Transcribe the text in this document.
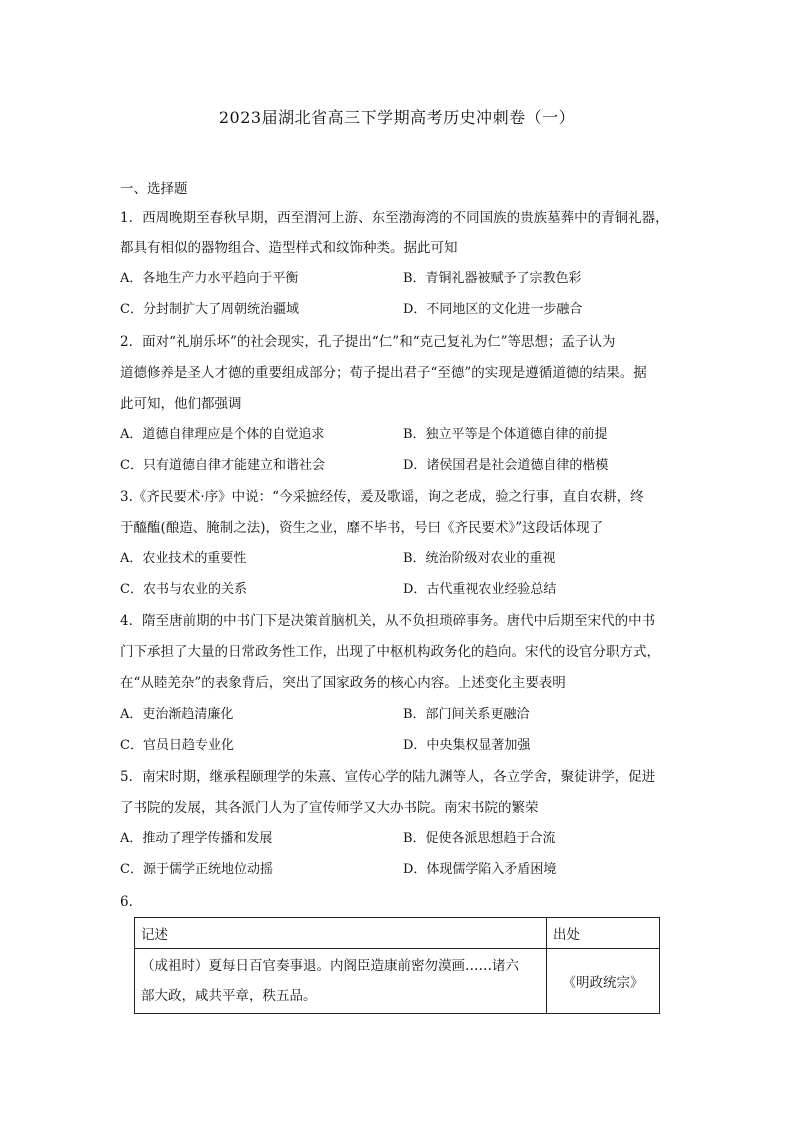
2023届湖北省高三下学期高考历史冲刺卷（一）
一、选择题
1．西周晚期至春秋早期，西至渭河上游、东至渤海湾的不同国族的贵族墓葬中的青铜礼器，
都具有相似的器物组合、造型样式和纹饰种类。据此可知
A．各地生产力水平趋向于平衡	B．青铜礼器被赋予了宗教色彩
C．分封制扩大了周朝统治疆域	D．不同地区的文化进一步融合
2．面对“礼崩乐坏”的社会现实，孔子提出“仁”和“克己复礼为仁”等思想；孟子认为
道德修养是圣人才德的重要组成部分；荀子提出君子“至德”的实现是遵循道德的结果。据
此可知，他们都强调
A．道德自律理应是个体的自觉追求	B．独立平等是个体道德自律的前提
C．只有道德自律才能建立和谐社会	D．诸侯国君是社会道德自律的楷模
3.《齐民要术·序》中说：“今采摭经传，爰及歌谣，询之老成，验之行事，直自农耕，终
于醯醢(酿造、腌制之法)，资生之业，靡不毕书，号曰《齐民要术》”这段话体现了
A．农业技术的重要性	B．统治阶级对农业的重视
C．农书与农业的关系	D．古代重视农业经验总结
4．隋至唐前期的中书门下是决策首脑机关，从不负担琐碎事务。唐代中后期至宋代的中书
门下承担了大量的日常政务性工作，出现了中枢机构政务化的趋向。宋代的设官分职方式，
在“从睦羌杂”的表象背后，突出了国家政务的核心内容。上述变化主要表明
A．吏治渐趋清廉化	B．部门间关系更融洽
C．官员日趋专业化	D．中央集权显著加强
5．南宋时期，继承程颐理学的朱熹、宣传心学的陆九渊等人，各立学舍，聚徒讲学，促进
了书院的发展，其各派门人为了宣传师学又大办书院。南宋书院的繁荣
A．推动了理学传播和发展	B．促使各派思想趋于合流
C．源于儒学正统地位动摇	D．体现儒学陷入矛盾困境
6．
记述	出处

（成祖时）夏每日百官奏事退。内阁臣造康前密勿漠画……诸六
部大政，咸共平章，秩五品。	《明政统宗》
